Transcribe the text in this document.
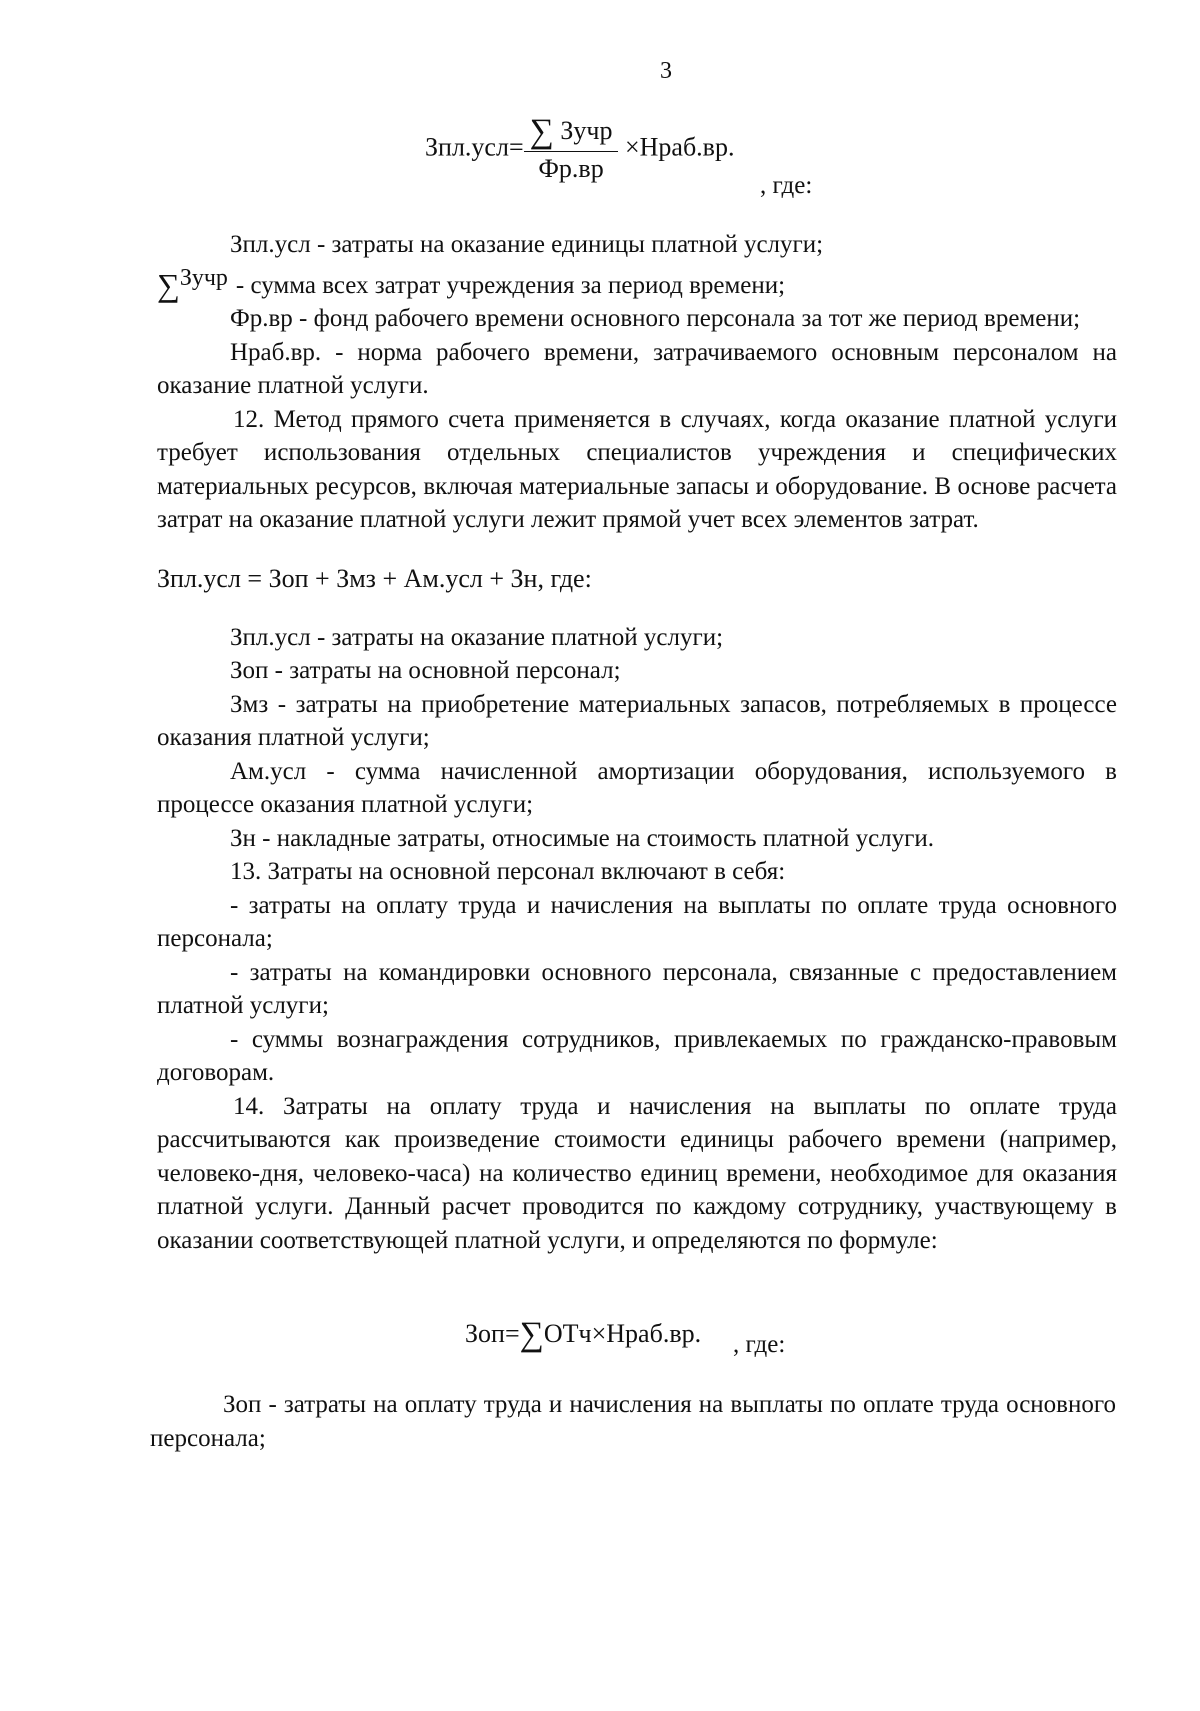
3
$Зпл.усл= \frac{\text{∑ Зучр}}{Фр.вр}$ ×Нраб.вр.
, где:

Зпл.усл - затраты на оказание единицы платной услуги;

∑Зучр - сумма всех затрат учреждения за период времени;

Фр.вр - фонд рабочего времени основного персонала за тот же период времени;

Нраб.вр. - норма рабочего времени, затрачиваемого основным персоналом на оказание платной услуги.

12. Метод прямого счета применяется в случаях, когда оказание платной услуги требует использования отдельных специалистов учреждения и специфических материальных ресурсов, включая материальные запасы и оборудование. В основе расчета затрат на оказание платной услуги лежит прямой учет всех элементов затрат.

Зпл.усл = Зоп + Змз + Ам.усл + Зн, где:

Зпл.усл - затраты на оказание платной услуги;

Зоп - затраты на основной персонал;

Змз - затраты на приобретение материальных запасов, потребляемых в процессе оказания платной услуги;

Ам.усл - сумма начисленной амортизации оборудования, используемого в процессе оказания платной услуги;

Зн - накладные затраты, относимые на стоимость платной услуги.

13. Затраты на основной персонал включают в себя:

- затраты на оплату труда и начисления на выплаты по оплате труда основного персонала;

- затраты на командировки основного персонала, связанные с предоставлением платной услуги;

- суммы вознаграждения сотрудников, привлекаемых по гражданско-правовым договорам.

14. Затраты на оплату труда и начисления на выплаты по оплате труда рассчитываются как произведение стоимости единицы рабочего времени (например, человеко-дня, человеко-часа) на количество единиц времени, необходимое для оказания платной услуги. Данный расчет проводится по каждому сотруднику, участвующему в оказании соответствующей платной услуги, и определяются по формуле:

Зоп=∑ОТч×Нраб.вр. , где:

Зоп - затраты на оплату труда и начисления на выплаты по оплате труда основного персонала;
